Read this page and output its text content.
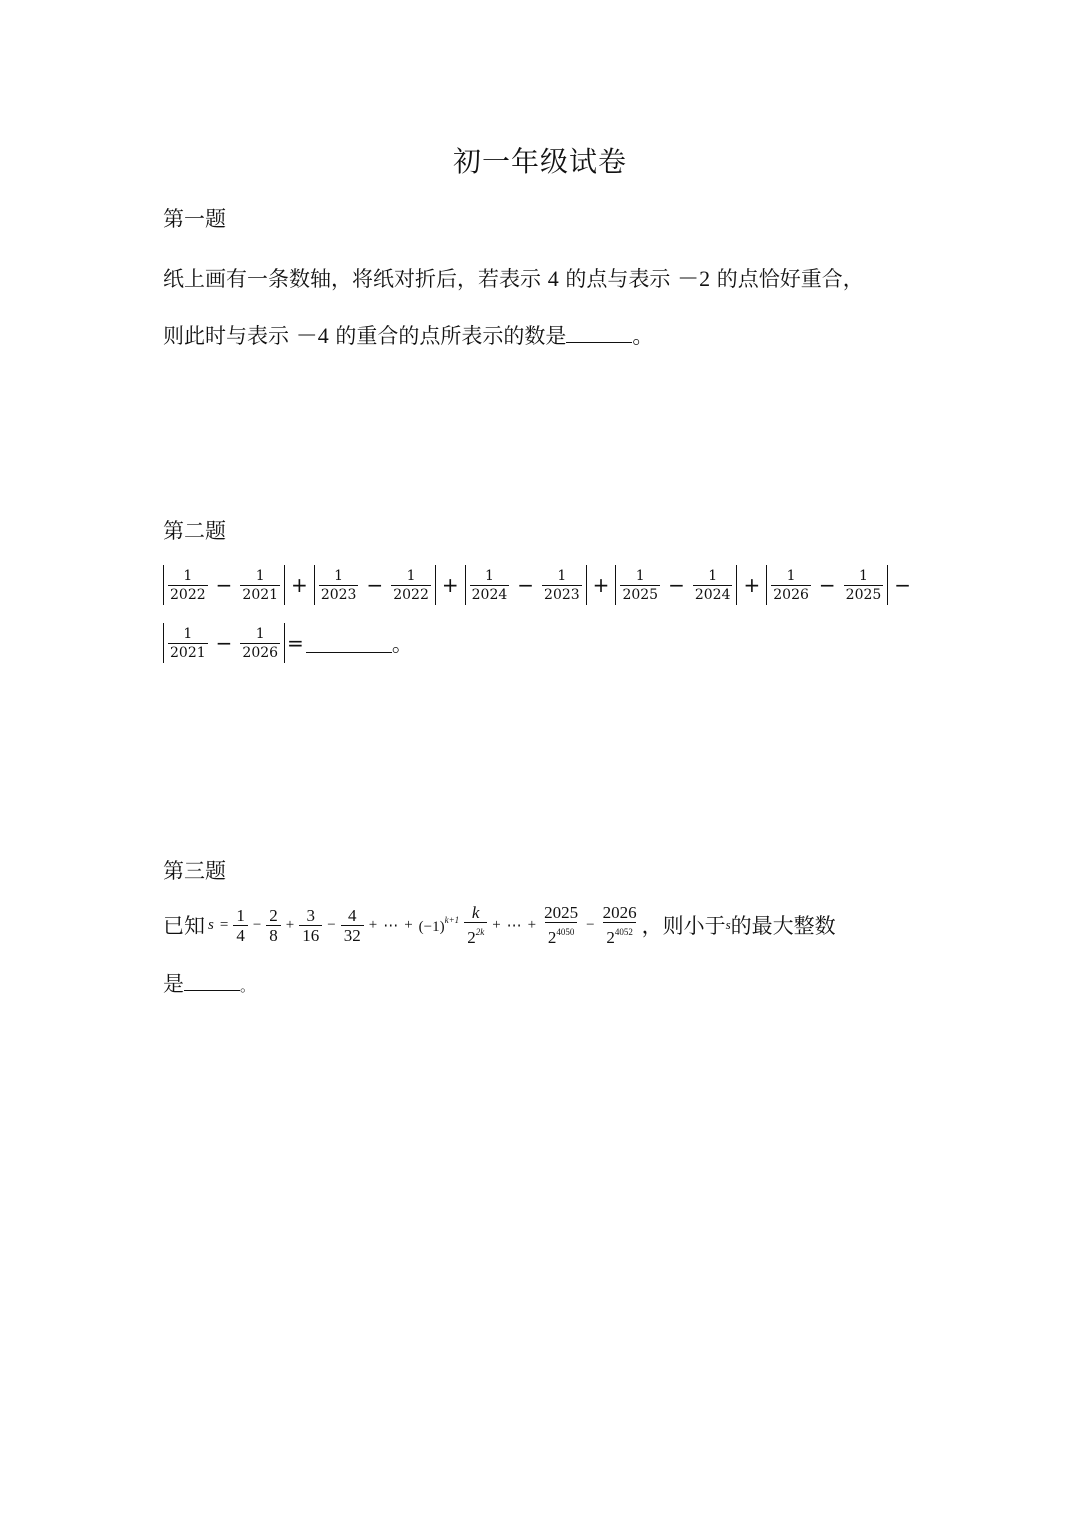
初一年级试卷
第一题
纸上画有一条数轴，将纸对折后，若表示 4 的点与表示 －2 的点恰好重合，
则此时与表示 －4 的重合的点所表示的数是	。
第二题
$\frac{1}{2022} - \frac{1}{2021} + \frac{1}{2023} - \frac{1}{2022} + \frac{1}{2024} - \frac{1}{2023} + \frac{1}{2025} - \frac{1}{2024} + \frac{1}{2026} - \frac{1}{2025}$ −
$\frac{1}{2021} - \frac{1}{2026}$ =	。
第三题
已知 $s = \frac{1}{4} - \frac{2}{8} + \frac{3}{16} - \frac{4}{32}$ + ⋯ + $(-1)^{k+1}$ k
$2^{2k}$ + ⋯ + $\frac{2025}{2^{4050}} - \frac{2026}{2^{4052}}$ ，则小于 s 的最大整数
是	。
